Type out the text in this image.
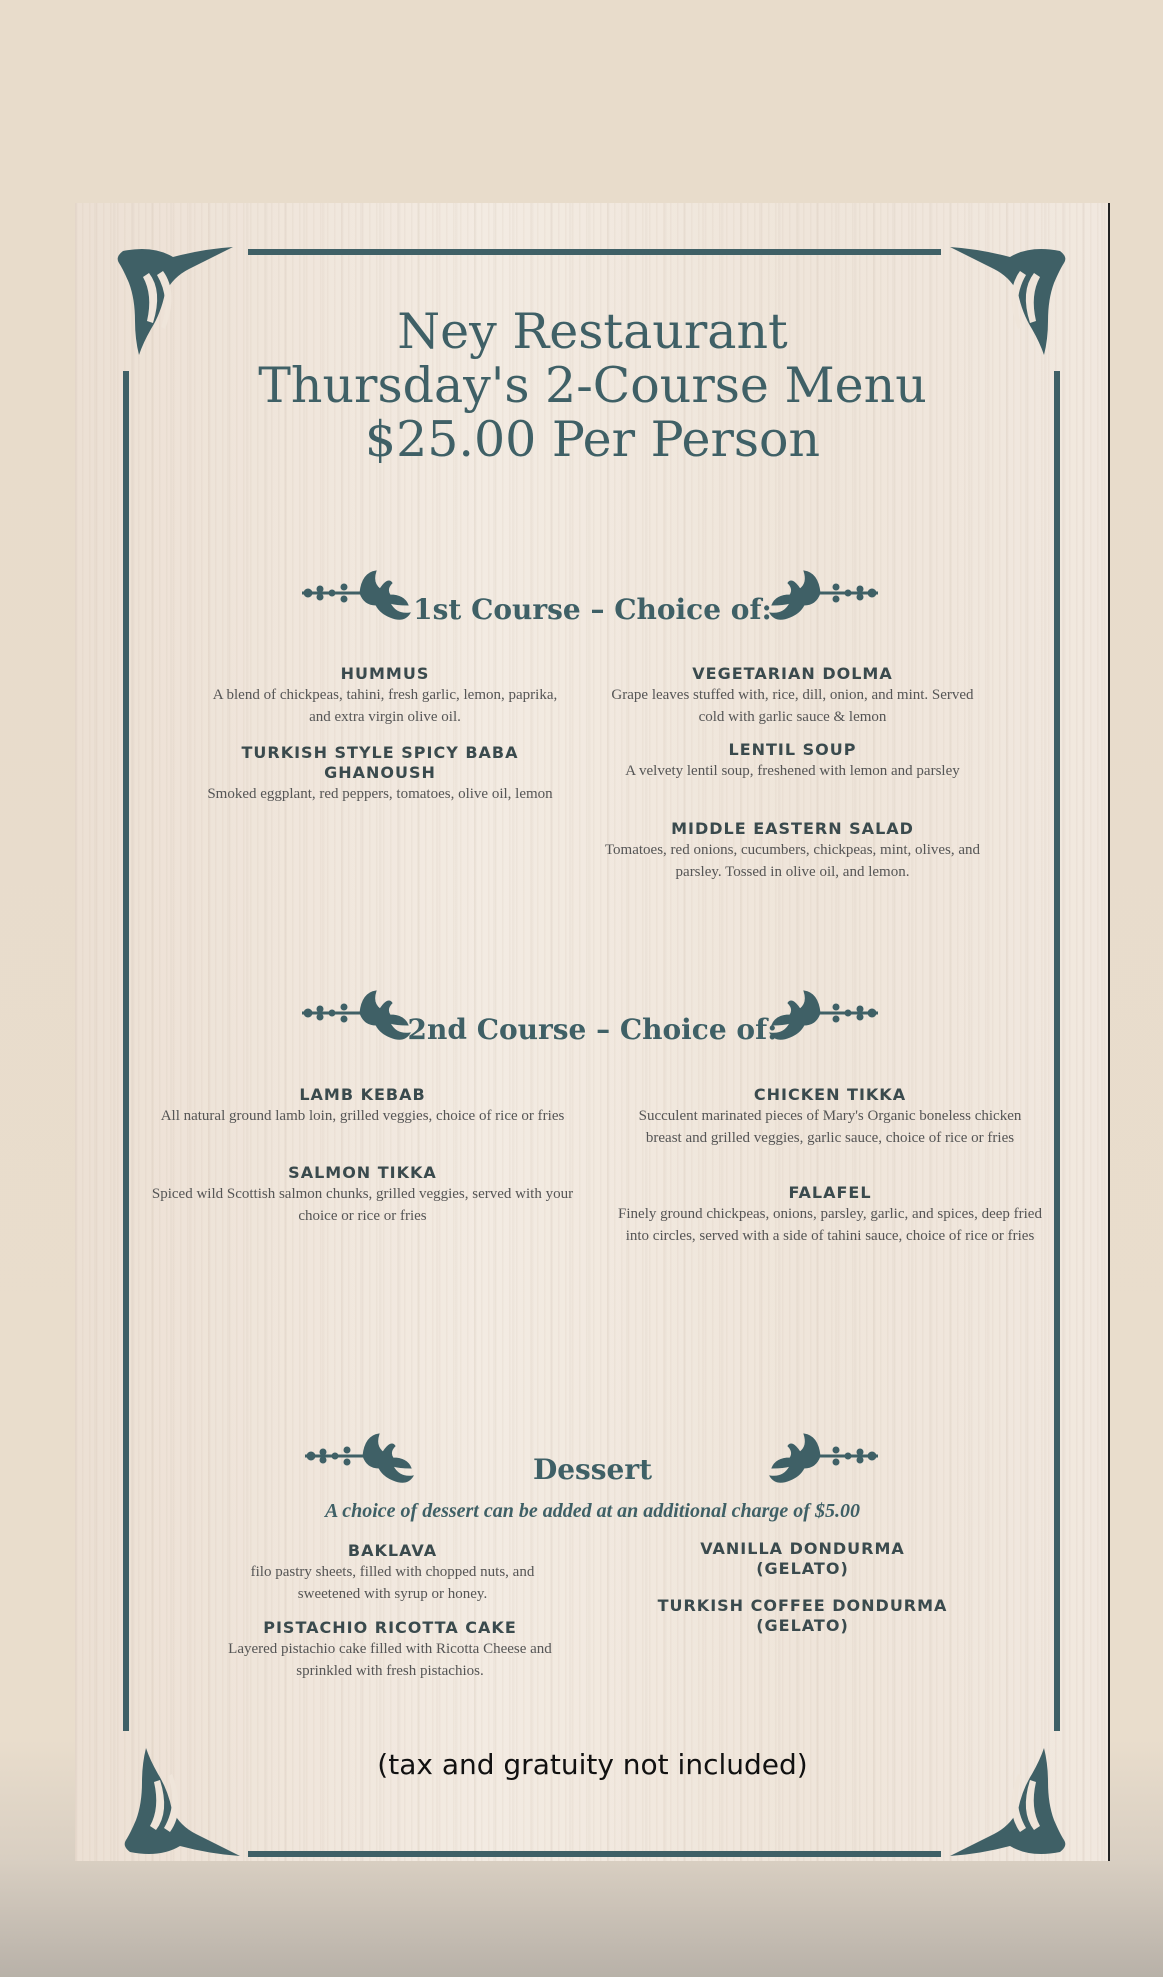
Ney Restaurant
Thursday's 2-Course Menu
$25.00 Per Person
1st Course – Choice of:
HUMMUS
A blend of chickpeas, tahini, fresh garlic, lemon, paprika, and extra virgin olive oil.
TURKISH STYLE SPICY BABA GHANOUSH
Smoked eggplant, red peppers, tomatoes, olive oil, lemon
VEGETARIAN DOLMA
Grape leaves stuffed with, rice, dill, onion, and mint. Served cold with garlic sauce & lemon
LENTIL SOUP
A velvety lentil soup, freshened with lemon and parsley
MIDDLE EASTERN SALAD
Tomatoes, red onions, cucumbers, chickpeas, mint, olives, and parsley. Tossed in olive oil, and lemon.
2nd Course – Choice of:
LAMB KEBAB
All natural ground lamb loin, grilled veggies, choice of rice or fries
SALMON TIKKA
Spiced wild Scottish salmon chunks, grilled veggies, served with your choice or rice or fries
CHICKEN TIKKA
Succulent marinated pieces of Mary's Organic boneless chicken breast and grilled veggies, garlic sauce, choice of rice or fries
FALAFEL
Finely ground chickpeas, onions, parsley, garlic, and spices, deep fried into circles, served with a side of tahini sauce, choice of rice or fries
Dessert
A choice of dessert can be added at an additional charge of $5.00
BAKLAVA
filo pastry sheets, filled with chopped nuts, and sweetened with syrup or honey.
PISTACHIO RICOTTA CAKE
Layered pistachio cake filled with Ricotta Cheese and sprinkled with fresh pistachios.
VANILLA DONDURMA (GELATO)
TURKISH COFFEE DONDURMA (GELATO)
(tax and gratuity not included)
